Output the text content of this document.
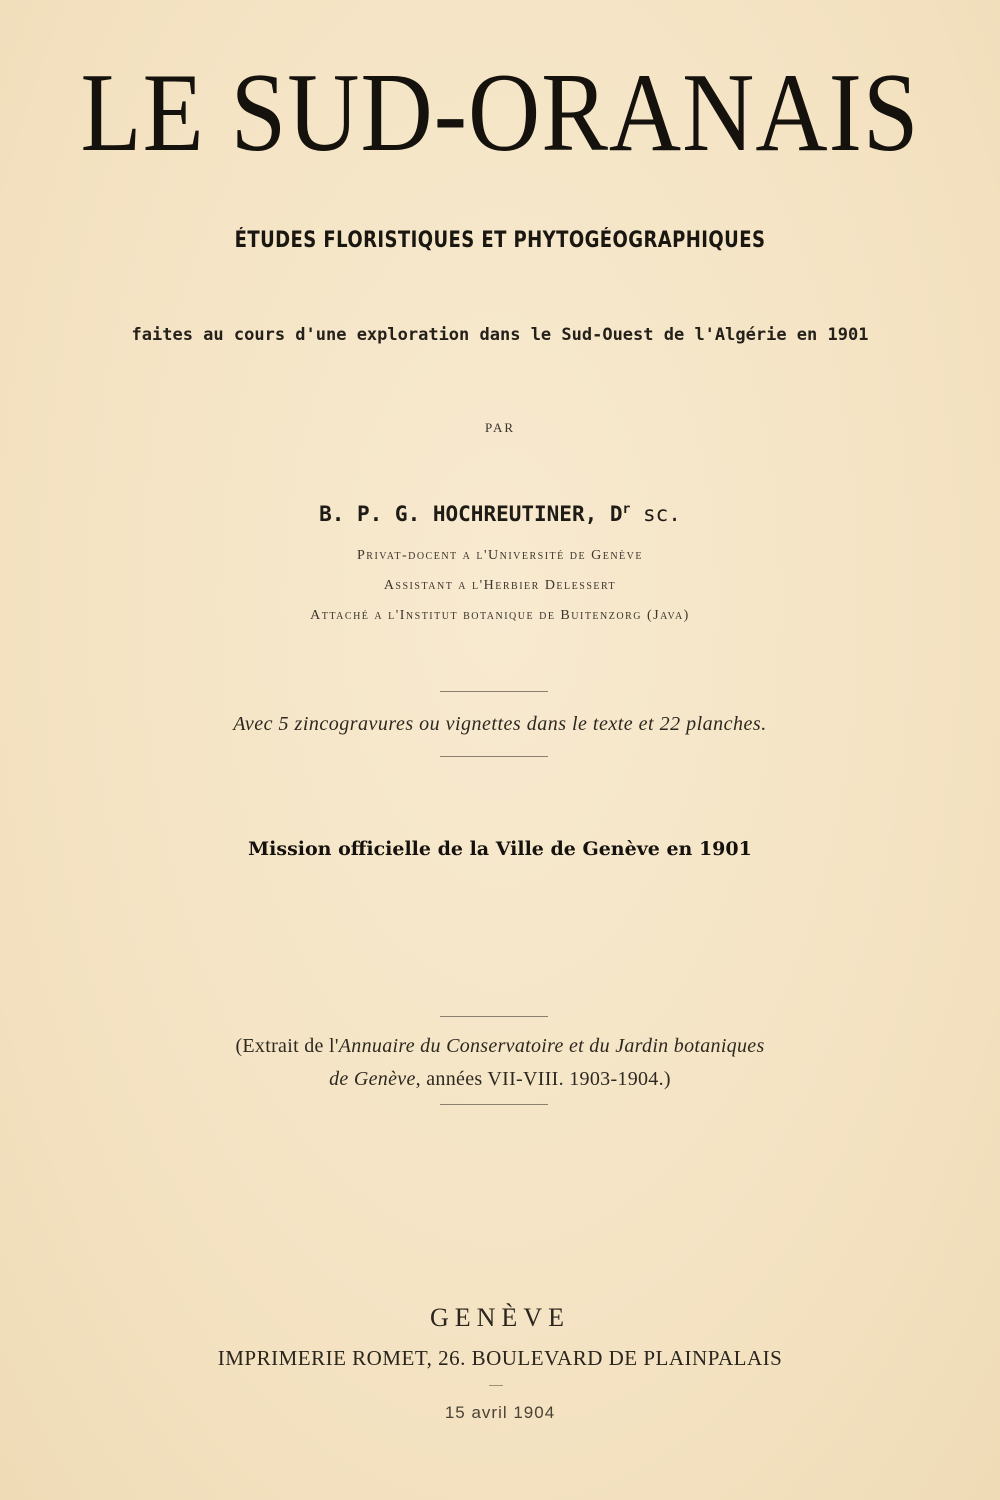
LE SUD-ORANAIS
ÉTUDES FLORISTIQUES ET PHYTOGÉOGRAPHIQUES
faites au cours d'une exploration dans le Sud-Ouest de l'Algérie en 1901
PAR
B. P. G. HOCHREUTINER, $D^r$ sc.
Privat-docent a l'Université de Genève
Assistant a l'Herbier Delessert
Attaché a l'Institut botanique de Buitenzorg (Java)
Avec 5 zincogravures ou vignettes dans le texte et 22 planches.
Mission officielle de la Ville de Genève en 1901
(Extrait de l'Annuaire du Conservatoire et du Jardin botaniques
de Genève, années VII-VIII. 1903-1904.)
GENÈVE
IMPRIMERIE ROMET, 26. BOULEVARD DE PLAINPALAIS
15 avril 1904
